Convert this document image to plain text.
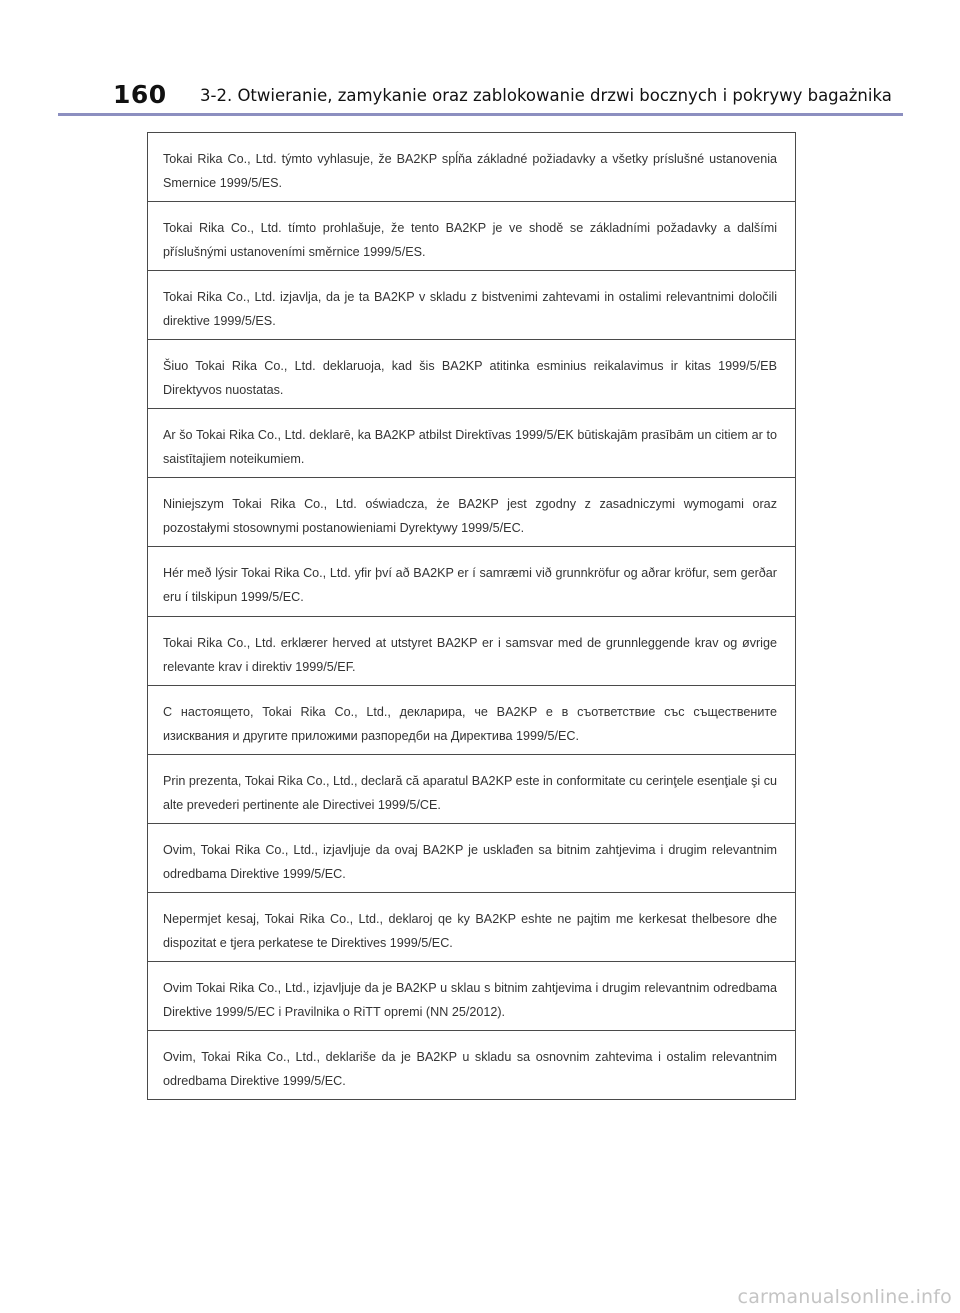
160 3-2. Otwieranie, zamykanie oraz zablokowanie drzwi bocznych i pokrywy bagażnika
Tokai Rika Co., Ltd. týmto vyhlasuje, že BA2KP spĺňa základné požiadavky a všetky príslušné ustanovenia Smernice 1999/5/ES.
Tokai Rika Co., Ltd. tímto prohlašuje, že tento BA2KP je ve shodě se základními požadavky a dalšími příslušnými ustanoveními směrnice 1999/5/ES.
Tokai Rika Co., Ltd. izjavlja, da je ta BA2KP v skladu z bistvenimi zahtevami in ostalimi relevantnimi določili direktive 1999/5/ES.
Šiuo Tokai Rika Co., Ltd. deklaruoja, kad šis BA2KP atitinka esminius reikalavimus ir kitas 1999/5/EB Direktyvos nuostatas.
Ar šo Tokai Rika Co., Ltd. deklarē, ka BA2KP atbilst Direktīvas 1999/5/EK būtiskajām prasībām un citiem ar to saistītajiem noteikumiem.
Niniejszym Tokai Rika Co., Ltd. oświadcza, że BA2KP jest zgodny z zasadniczymi wymogami oraz pozostałymi stosownymi postanowieniami Dyrektywy 1999/5/EC.
Hér með lýsir Tokai Rika Co., Ltd. yfir því að BA2KP er í samræmi við grunnkröfur og aðrar kröfur, sem gerðar eru í tilskipun 1999/5/EC.
Tokai Rika Co., Ltd. erklærer herved at utstyret BA2KP er i samsvar med de grunnleggende krav og øvrige relevante krav i direktiv 1999/5/EF.
С настоящето, Tokai Rika Co., Ltd., декларира, че BA2KP е в съответствие със съществените изисквания и другите приложими разпоредби на Директива 1999/5/EC.
Prin prezenta, Tokai Rika Co., Ltd., declară că aparatul BA2KP este in conformitate cu cerinţele esenţiale şi cu alte prevederi pertinente ale Directivei 1999/5/CE.
Ovim, Tokai Rika Co., Ltd., izjavljuje da ovaj BA2KP je usklađen sa bitnim zahtjevima i drugim relevantnim odredbama Direktive 1999/5/EC.
Nepermjet kesaj, Tokai Rika Co., Ltd., deklaroj qe ky BA2KP eshte ne pajtim me kerkesat thelbesore dhe dispozitat e tjera perkatese te Direktives 1999/5/EC.
Ovim Tokai Rika Co., Ltd., izjavljuje da je BA2KP u sklau s bitnim zahtjevima i drugim relevantnim odredbama Direktive 1999/5/EC i Pravilnika o RiTT opremi (NN 25/2012).
Ovim, Tokai Rika Co., Ltd., deklariše da je BA2KP u skladu sa osnovnim zahtevima i ostalim relevantnim odredbama Direktive 1999/5/EC.
carmanualsonline.info
